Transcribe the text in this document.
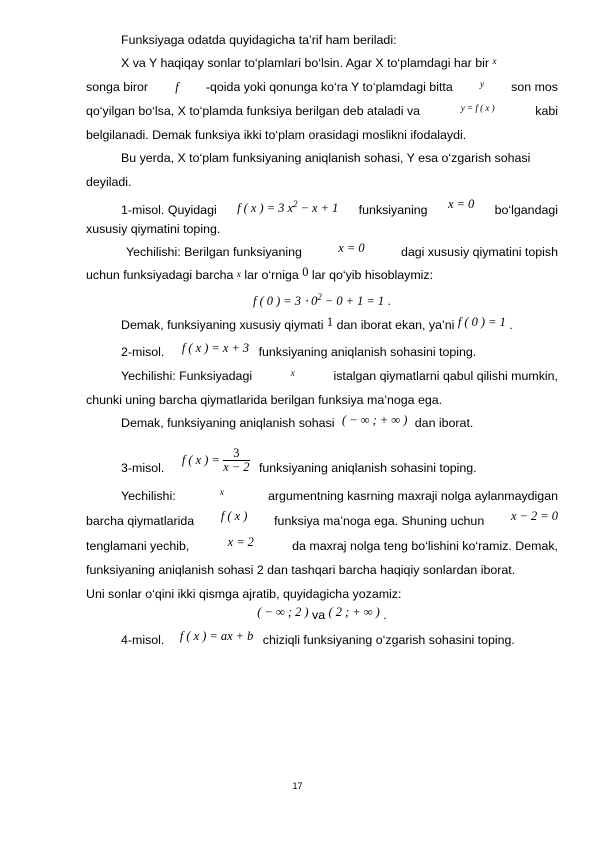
Funksiyaga odatda quyidagicha ta’rif ham beriladi:
X va Y haqiqay sonlar to‘plamlari bo‘lsin. Agar X to‘plamdagi har bir $^x$
songa biror f -qoida yoki qonunga ko‘ra Y to‘plamdagi bitta	y son mos
qo‘yilgan bo‘lsa, X to‘plamda funksiya berilgan deb ataladi va	y = f ( x )	kabi
belgilanadi. Demak funksiya ikki to‘plam orasidagi moslikni ifodalaydi.
Bu yerda, X to‘plam funksiyaning aniqlanish sohasi, Y esa o‘zgarish sohasi
deyiladi.
1-misol. Quyidagi f ( x ) = 3 $x^2 - x + 1$ funksiyaning x = 0 bo‘lgandagi
xususiy qiymatini toping.
Yechilishi: Berilgan funksiyaning	x = 0	dagi xususiy qiymatini topish
uchun funksiyadagi barcha x lar o‘rniga 0 lar qo‘yib hisoblaymiz:
f ( 0 ) = $3 \cdot 0^2 - 0 + 1 = 1$ .
Demak, funksiyaning xususiy qiymati 1 dan iborat ekan, ya’ni f ( 0 ) = 1 .
2-misol. f ( x ) = x + 3 funksiyaning aniqlanish sohasini toping.
Yechilishi: Funksiyadagi	x	istalgan qiymatlarni qabul qilishi mumkin,
chunki uning barcha qiymatlarida berilgan funksiya ma’noga ega.
Demak, funksiyaning aniqlanish sohasi ( − ∞ ; + ∞ ) dan iborat.
3-misol. f ( x ) = $\frac{3}{x - 2}$ funksiyaning aniqlanish sohasini toping.
Yechilishi:	x	argumentning kasrning maxraji nolga aylanmaydigan
barcha qiymatlarida f ( x ) funksiya ma’noga ega. Shuning uchun x − 2 = 0
tenglamani yechib,	x = 2	da maxraj nolga teng bo‘lishini ko‘ramiz. Demak,
funksiyaning aniqlanish sohasi 2 dan tashqari barcha haqiqiy sonlardan iborat.
Uni sonlar o‘qini ikki qismga ajratib, quyidagicha yozamiz:
( − ∞ ; 2 ) va ( 2 ; + ∞ ) .
4-misol. f ( x ) = ax + b chiziqli funksiyaning o‘zgarish sohasini toping.
17
